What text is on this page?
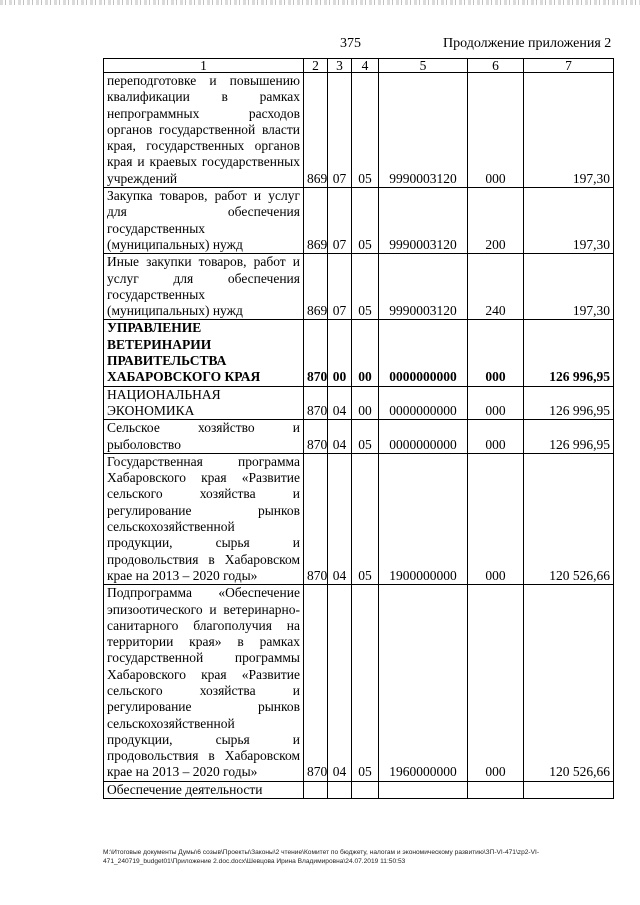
375	Продолжение приложения 2
1	2	3	4	5	6	7
переподготовке и повышению квалификации в рамках непрограммных расходов органов государственной власти края, государственных органов края и краевых государственных учреждений	869	07	05	9990003120	000	197,30
Закупка товаров, работ и услуг для обеспечения государственных (муниципальных) нужд	869	07	05	9990003120	200	197,30
Иные закупки товаров, работ и услуг для обеспечения государственных (муниципальных) нужд	869	07	05	9990003120	240	197,30
УПРАВЛЕНИЕ ВЕТЕРИНАРИИ ПРАВИТЕЛЬСТВА ХАБАРОВСКОГО КРАЯ	870	00	00	0000000000	000	126 996,95
НАЦИОНАЛЬНАЯ ЭКОНОМИКА	870	04	00	0000000000	000	126 996,95
Сельское хозяйство и рыболовство	870	04	05	0000000000	000	126 996,95
Государственная программа Хабаровского края «Развитие сельского хозяйства и регулирование рынков сельскохозяйственной продукции, сырья и продовольствия в Хабаровском крае на 2013 – 2020 годы»	870	04	05	1900000000	000	120 526,66
Подпрограмма «Обеспечение эпизоотического и ветеринарно-санитарного благополучия на территории края» в рамках государственной программы Хабаровского края «Развитие сельского хозяйства и регулирование рынков сельскохозяйственной продукции, сырья и продовольствия в Хабаровском крае на 2013 – 2020 годы»	870	04	05	1960000000	000	120 526,66
Обеспечение деятельности						
М:\Итоговые документы Думы\6 созыв\Проекты\Законы\2 чтение\Комитет по бюджету, налогам и экономическому развитию\ЗП-VI-471\zp2-VI-471_240719_budget01\Приложение 2.doc.docx\Шевцова Ирина Владимировна\24.07.2019 11:50:53
